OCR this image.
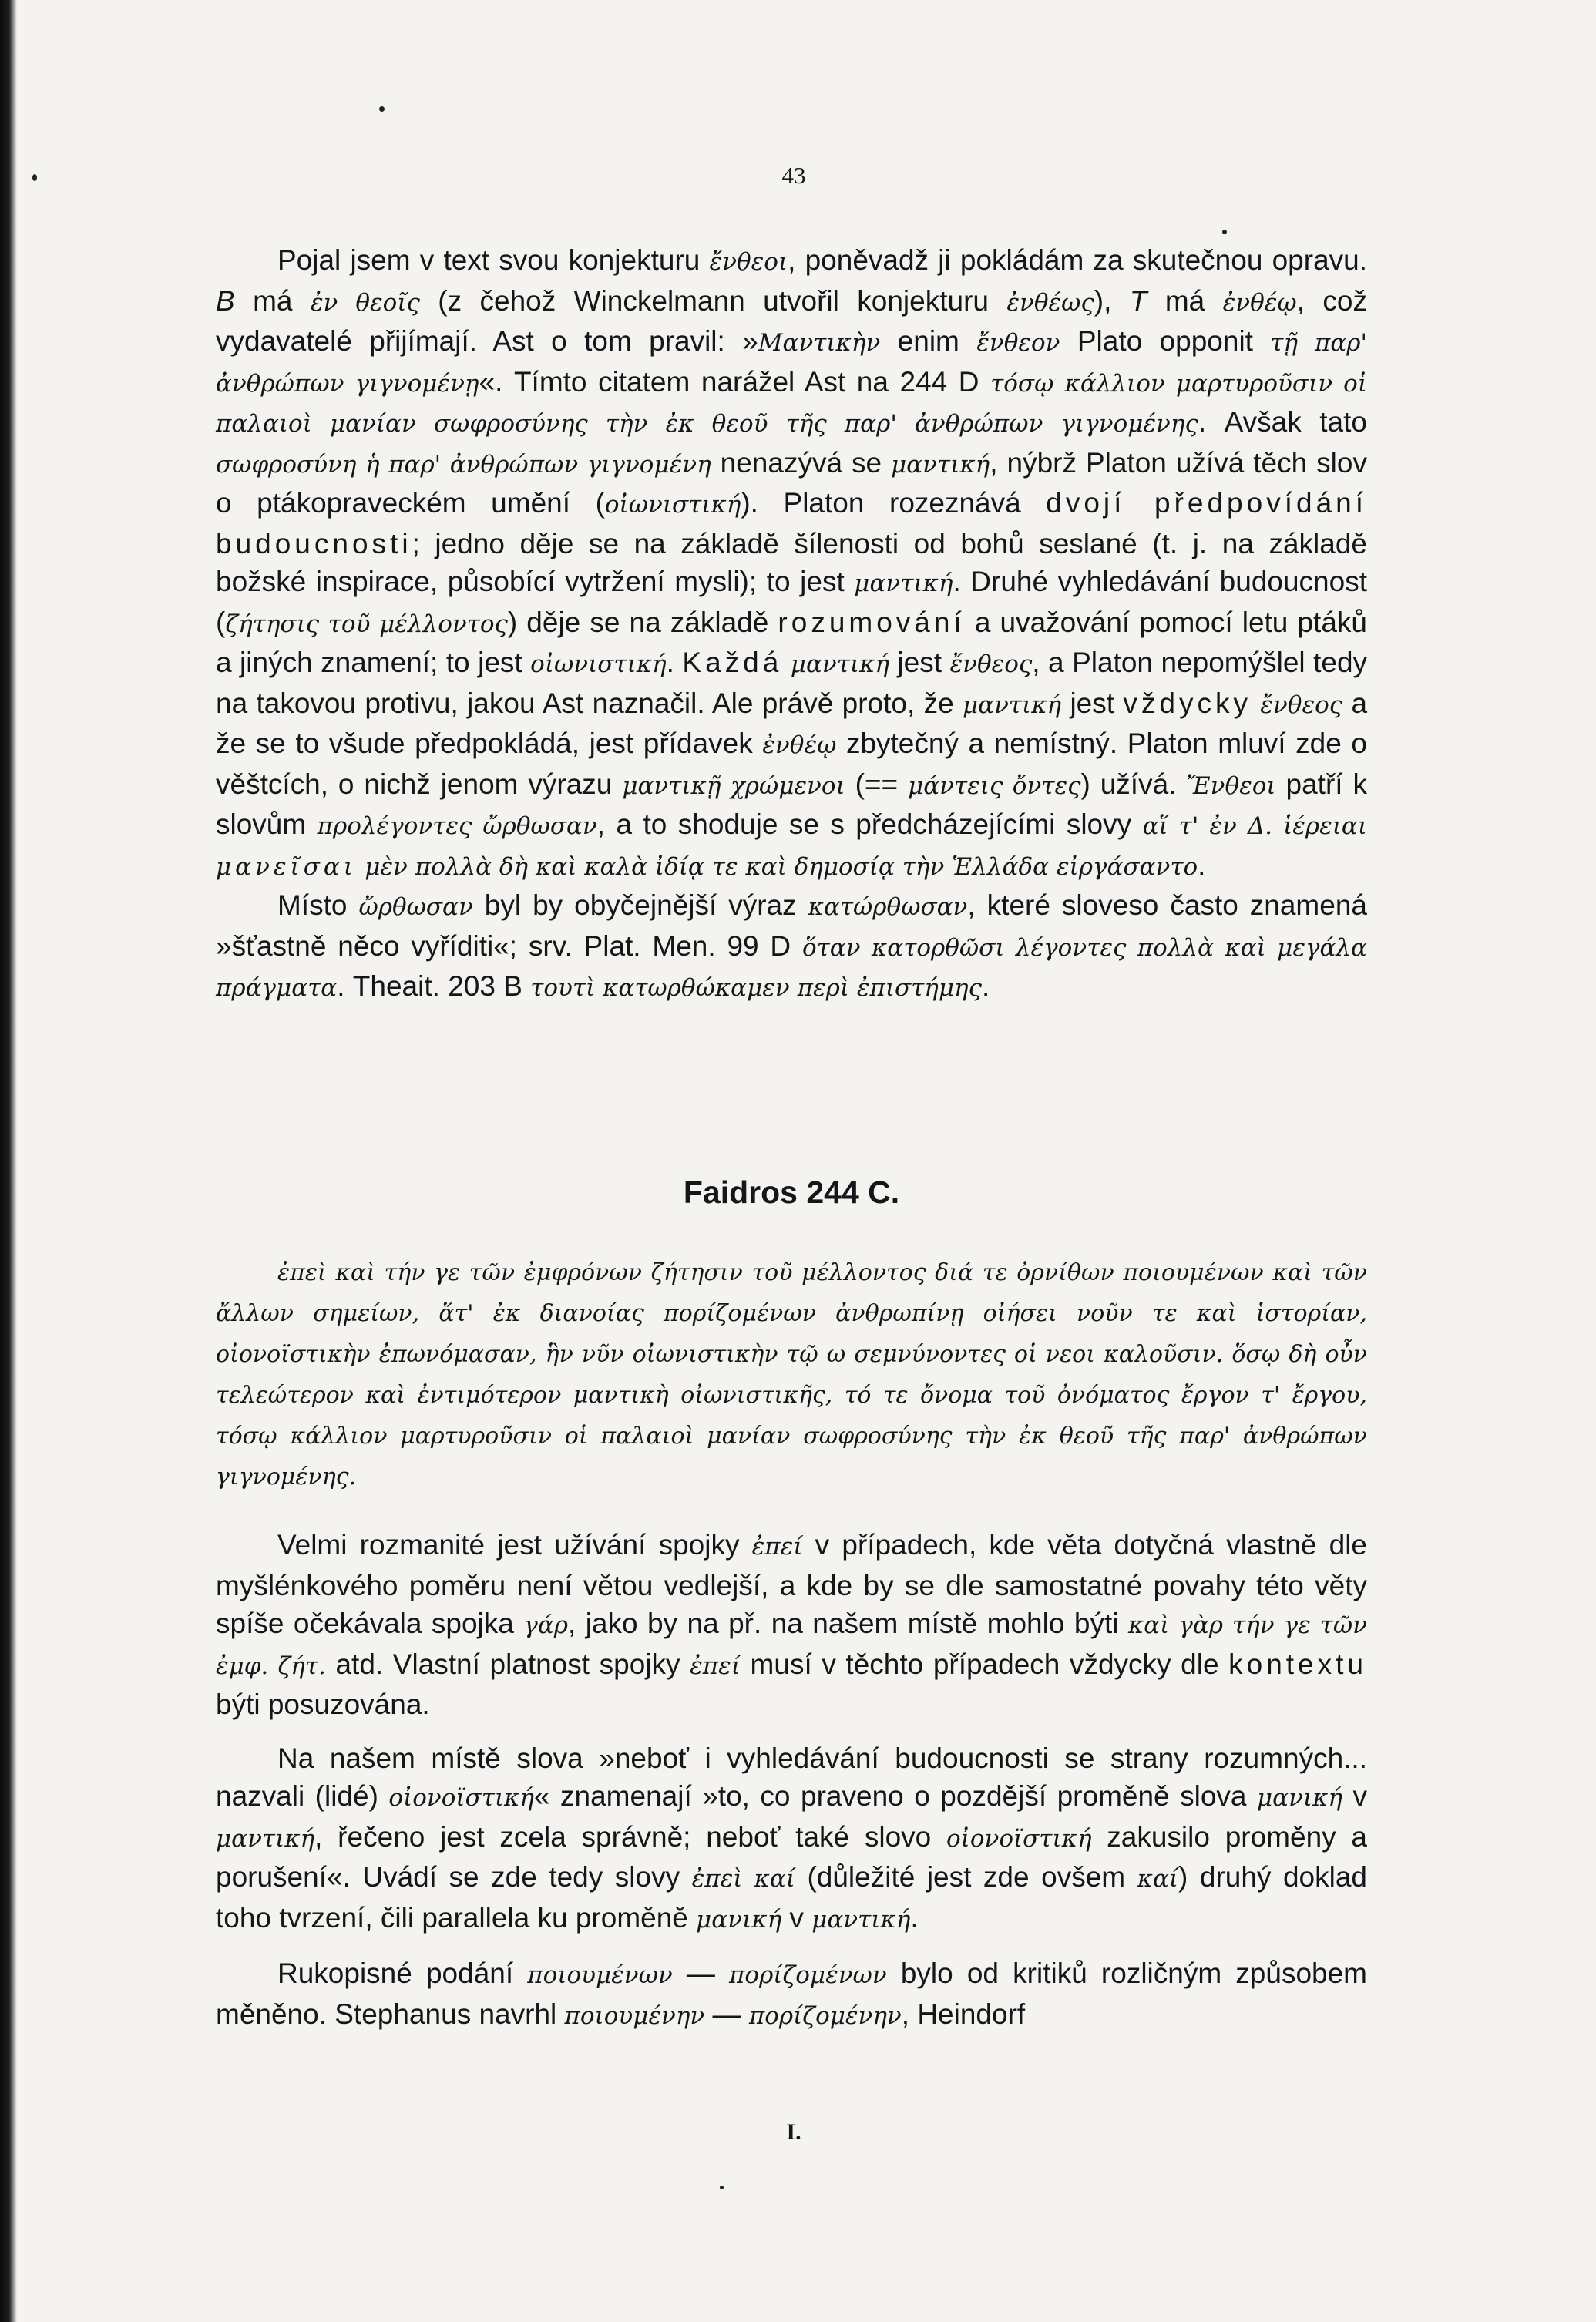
43

Pojal jsem v text svou konjekturu ἔνθεοι, poněvadž ji pokládám za skutečnou opravu. B má ἐν θεοῖς (z čehož Winckelmann utvořil konjekturu ἐνθέως), T má ἐνθέῳ, což vydavatelé přijímají. Ast o tom pravil: »Μαντικὴν enim ἔνθεον Plato opponit τῇ παρ' ἀνθρώπων γιγνομένῃ«. Tímto citatem narážel Ast na 244 D τόσῳ κάλλιον μαρτυροῦσιν οἱ παλαιοὶ μανίαν σωφροσύνης τὴν ἐκ θεοῦ τῆς παρ' ἀνθρώπων γιγνομένης. Avšak tato σωφροσύνη ἡ παρ' ἀνθρώπων γιγνομένη nenazývá se μαντική, nýbrž Platon užívá těch slov o ptákopraveckém umění (οἰωνιστική). Platon rozeznává dvojí předpovídání budoucnosti; jedno děje se na základě šílenosti od bohů seslané (t. j. na základě božské inspirace, působící vytržení mysli); to jest μαντική. Druhé vyhledávání budoucnost (ζήτησις τοῦ μέλλοντος) děje se na základě rozumování a uvažování pomocí letu ptáků a jiných znamení; to jest οἰωνιστική. Každá μαντική jest ἔνθεος, a Platon nepomýšlel tedy na takovou protivu, jakou Ast naznačil. Ale právě proto, že μαντική jest vždycky ἔνθεος a že se to všude předpokládá, jest přídavek ἐνθέῳ zbytečný a nemístný. Platon mluví zde o věštcích, o nichž jenom výrazu μαντικῇ χρώμενοι (== μάντεις ὄντες) užívá. Ἔνθεοι patří k slovům προλέγοντες ὤρθωσαν, a to shoduje se s předcházejícími slovy αἵ τ' ἐν Δ. ἱέρειαι μανεῖσαι μὲν πολλὰ δὴ καὶ καλὰ ἰδίᾳ τε καὶ δημοσίᾳ τὴν Ἑλλάδα εἰργάσαντο.

Místo ὤρθωσαν byl by obyčejnější výraz κατώρθωσαν, které sloveso často znamená »šťastně něco vyříditi«; srv. Plat. Men. 99 D ὅταν κατορθῶσι λέγοντες πολλὰ καὶ μεγάλα πράγματα. Theait. 203 B τουτὶ κατωρθώκαμεν περὶ ἐπιστήμης.

Faidros 244 C.

ἐπεὶ καὶ τήν γε τῶν ἐμφρόνων ζήτησιν τοῦ μέλλοντος διά τε ὀρνίθων ποιουμένων καὶ τῶν ἄλλων σημείων, ἅτ' ἐκ διανοίας πορίζομένων ἀνθρωπίνῃ οἰήσει νοῦν τε καὶ ἱστορίαν, οἰονοϊστικὴν ἐπωνόμασαν, ἣν νῦν οἰωνιστικὴν τῷ ω σεμνύνοντες οἱ νεοι καλοῦσιν. ὅσῳ δὴ οὖν τελεώτερον καὶ ἐντιμότερον μαντικὴ οἰωνιστικῆς, τό τε ὄνομα τοῦ ὀνόματος ἔργον τ' ἔργου, τόσῳ κάλλιον μαρτυροῦσιν οἱ παλαιοὶ μανίαν σωφροσύνης τὴν ἐκ θεοῦ τῆς παρ' ἀνθρώπων γιγνομένης.

Velmi rozmanité jest užívání spojky ἐπεί v případech, kde věta dotyčná vlastně dle myšlénkového poměru není větou vedlejší, a kde by se dle samostatné povahy této věty spíše očekávala spojka γάρ, jako by na př. na našem místě mohlo býti καὶ γὰρ τήν γε τῶν ἐμφ. ζήτ. atd. Vlastní platnost spojky ἐπεί musí v těchto případech vždycky dle kontextu býti posuzována.

Na našem místě slova »neboť i vyhledávání budoucnosti se strany rozumných... nazvali (lidé) οἰονοϊστική« znamenají »to, co praveno o pozdější proměně slova μανική v μαντική, řečeno jest zcela správně; neboť také slovo οἰονοϊστική zakusilo proměny a porušení«. Uvádí se zde tedy slovy ἐπεὶ καί (důležité jest zde ovšem καί) druhý doklad toho tvrzení, čili parallela ku proměně μανική v μαντική.

Rukopisné podání ποιουμένων — πορίζομένων bylo od kritiků rozličným způsobem měněno. Stephanus navrhl ποιουμένην — πορίζομένην, Heindorf

I.
